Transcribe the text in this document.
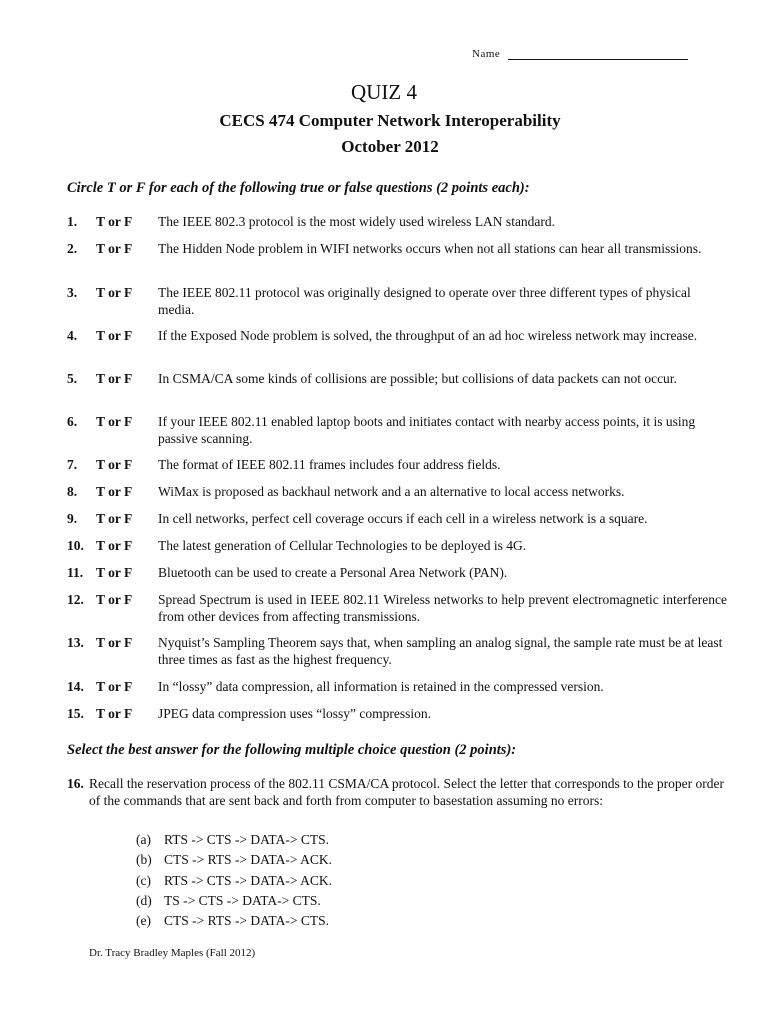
Name
QUIZ 4
CECS 474 Computer Network Interoperability
October 2012
Circle T or F for each of the following true or false questions (2 points each):
1. T or F The IEEE 802.3 protocol is the most widely used wireless LAN standard.
2. T or F The Hidden Node problem in WIFI networks occurs when not all stations can hear all transmissions.
3. T or F The IEEE 802.11 protocol was originally designed to operate over three different types of physical media.
4. T or F If the Exposed Node problem is solved, the throughput of an ad hoc wireless network may increase.
5. T or F In CSMA/CA some kinds of collisions are possible; but collisions of data packets can not occur.
6. T or F If your IEEE 802.11 enabled laptop boots and initiates contact with nearby access points, it is using passive scanning.
7. T or F The format of IEEE 802.11 frames includes four address fields.
8. T or F WiMax is proposed as backhaul network and a an alternative to local access networks.
9. T or F In cell networks, perfect cell coverage occurs if each cell in a wireless network is a square.
10. T or F The latest generation of Cellular Technologies to be deployed is 4G.
11. T or F Bluetooth can be used to create a Personal Area Network (PAN).
12. T or F Spread Spectrum is used in IEEE 802.11 Wireless networks to help prevent electromagnetic interference from other devices from affecting transmissions.
13. T or F Nyquist’s Sampling Theorem says that, when sampling an analog signal, the sample rate must be at least three times as fast as the highest frequency.
14. T or F In “lossy” data compression, all information is retained in the compressed version.
15. T or F JPEG data compression uses “lossy” compression.
Select the best answer for the following multiple choice question (2 points):
16. Recall the reservation process of the 802.11 CSMA/CA protocol. Select the letter that corresponds to the proper order of the commands that are sent back and forth from computer to basestation assuming no errors:
(a) RTS -> CTS -> DATA-> CTS.
(b) CTS -> RTS -> DATA-> ACK.
(c) RTS -> CTS -> DATA-> ACK.
(d) TS -> CTS -> DATA-> CTS.
(e) CTS -> RTS -> DATA-> CTS.
Dr. Tracy Bradley Maples (Fall 2012)
